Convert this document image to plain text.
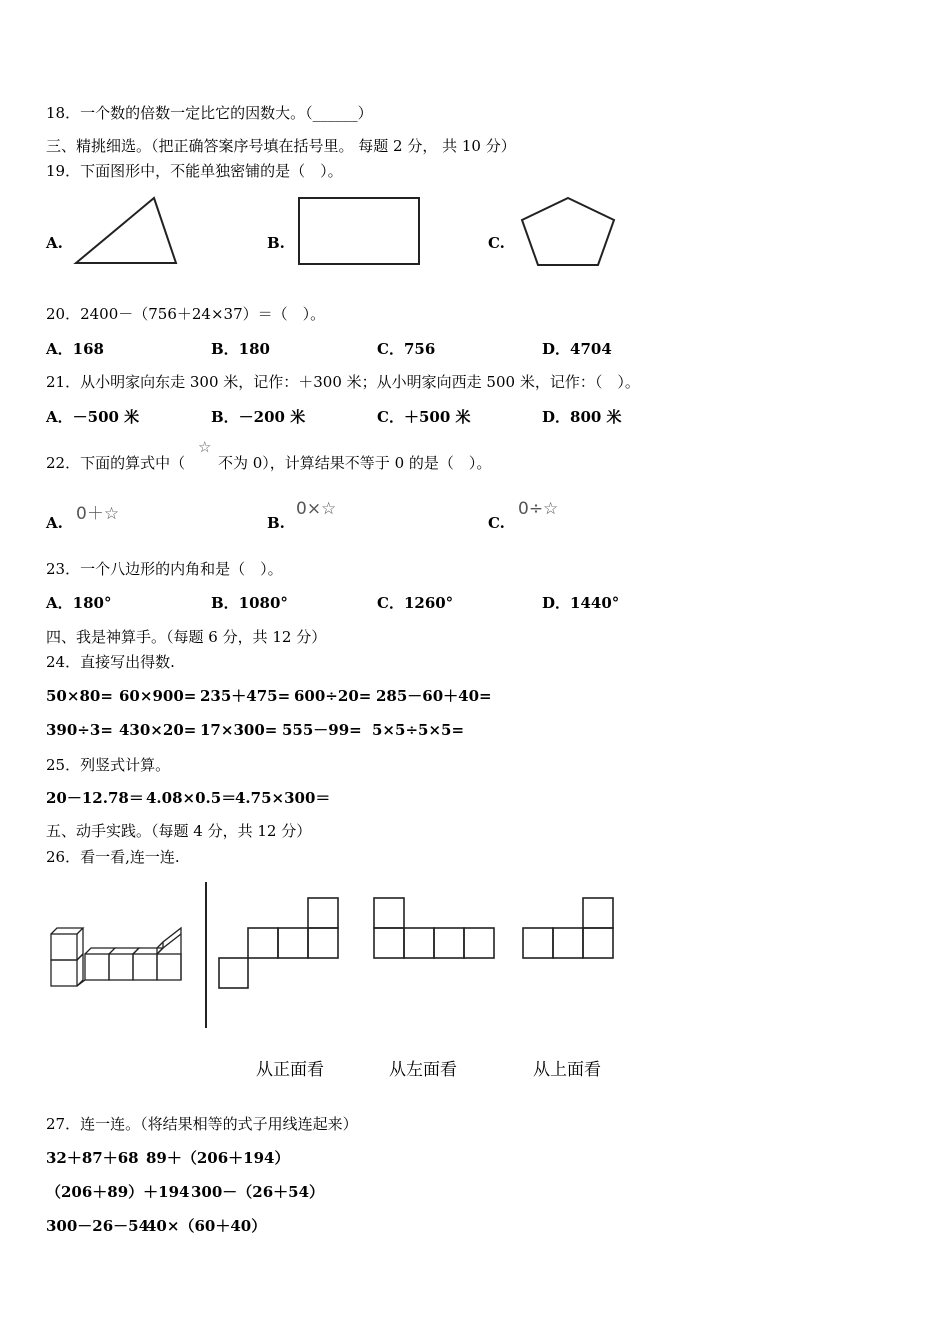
18．一个数的倍数一定比它的因数大。（______）
三、精挑细选。（把正确答案序号填在括号里。 每题 2 分， 共 10 分）
19．下面图形中，不能单独密铺的是（　）。
A.	B.	C.
20．2400－（756＋24×37）＝（　）。
A．168	B．180	C．756	D．4704
21．从小明家向东走 300 米，记作：＋300 米；从小明家向西走 500 米，记作：（　）。
A．－500 米	B．－200 米	C．＋500 米	D．800 米
22．下面的算式中（
☆
不为 0），计算结果不等于 0 的是（　）。
A. 0＋☆	B.
0×☆
C.
0÷☆
23．一个八边形的内角和是（　）。
A．180°	B．1080°	C．1260°	D．1440°
四、我是神算手。（每题 6 分，共 12 分）
24．直接写出得数.
50×80= 60×900= 235＋475= 600÷20= 285－60＋40=
390÷3= 430×20= 17×300= 555－99= 5×5÷5×5=
25．列竖式计算。
20－12.78＝ 4.08×0.5＝
4.75×300＝
五、动手实践。（每题 4 分，共 12 分）
26．看一看,连一连.
从正面看	从左面看	从上面看
27．连一连。（将结果相等的式子用线连起来）
32＋87＋68 89＋（206＋194）
（206＋89）＋194 300－（26＋54）
300－26－54
40×（60＋40）
